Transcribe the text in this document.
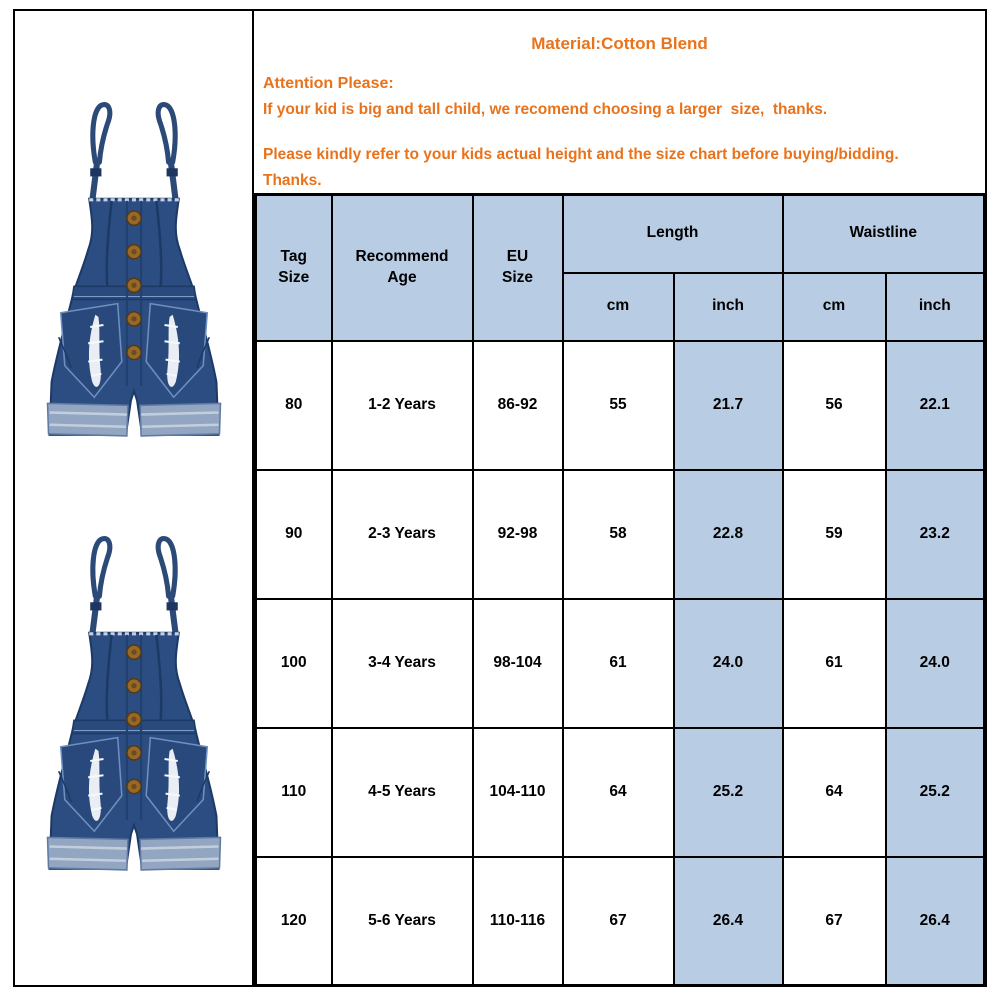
Material:Cotton Blend
Attention Please:
If your kid is big and tall child, we recomend choosing a larger  size,  thanks.
Please kindly refer to your kids actual height and the size chart before buying/bidding. Thanks.
Tag Size	Recommend Age	EU Size	Length		Waistline	
			cm	inch	cm	inch
80	1-2 Years	86-92	55	21.7	56	22.1
90	2-3 Years	92-98	58	22.8	59	23.2
100	3-4 Years	98-104	61	24.0	61	24.0
110	4-5 Years	104-110	64	25.2	64	25.2
120	5-6 Years	110-116	67	26.4	67	26.4
